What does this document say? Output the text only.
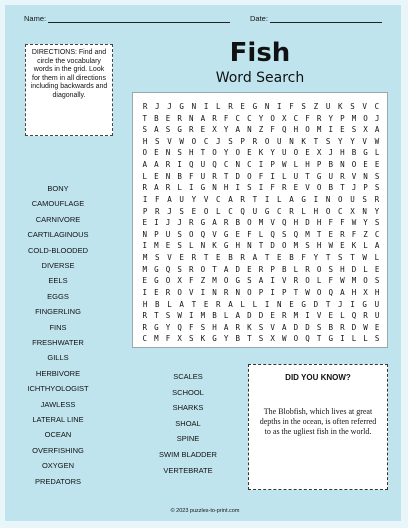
Name:	Date:
DIRECTIONS: Find and circle the vocabulary words in the grid. Look for them in all directions including backwards and diagonally.
Fish
Word Search
R	J	J	G	N	I	L	R	E	G	N	I	F	S	Z	U	K	S	V	C
T B E R N A R F C C Y O X C F R Y P M O J
S A S G R E X Y A N Z F Q H O M I E S X A
H	S	V	W	O	C	J	S	P	R	O	U	N	K	T	S	Y	Y	V	W
O E N S H T O Y O E K Y U O E X J H B G L
A A R I Q U Q C N C I P W L H P B N O E E
L E N B F U R T D O F I L U T G U R V N S
R A R L I G N H I S I F R E V O B T J P S
I	F	A	U	Y	V	C	A	R	T	I	L	A	G	I	N	O	U	S	R
P	R	J	S	E	O	L	C	Q	U	G	C	R	L	H	O	C	X	N	Y
E I J J R G A R B O M V Q H D H F F W Y S
N P U S O Q V G E F L Q S Q M T E R F Z C
I M E S L N K G H N T D O M S H W E K L A
M	S	V	E	R	T	E	B	R	A	T	E	B	F	Y	T	S	T	W	L
M G Q S R O T A D E R P B L R O S H D L E
E G O X F Z M O G S A I V R O L F W M O S
I E R O V I N R N O P I P T W O Q A H X H
H	B	L	A	T	E	R	A	L	L	I	N	E	G	D	T	J	I	G	U
R T S W I M B L A D D E R M I V E L Q R U
R G Y Q F S H A R K S V A D D S B R D W E
C M F X S K G Y B T S X W O Q T G I L L S
DID YOU KNOW?
The Blobfish, which lives at great depths in the ocean, is often referred to as the ugliest fish in the world.
© 2023 puzzles-to-print.com
BONY
CAMOUFLAGE
CARNIVORE
CARTILAGINOUS
COLD-BLOODED
DIVERSE
EELS
EGGS
FINGERLING
FINS
FRESHWATER
GILLS
HERBIVORE
ICHTHYOLOGIST
JAWLESS
LATERAL LINE
OCEAN
OVERFISHING
OXYGEN
PREDATORS
SCALES
SCHOOL
SHARKS
SHOAL
SPINE
SWIM BLADDER
VERTEBRATE
